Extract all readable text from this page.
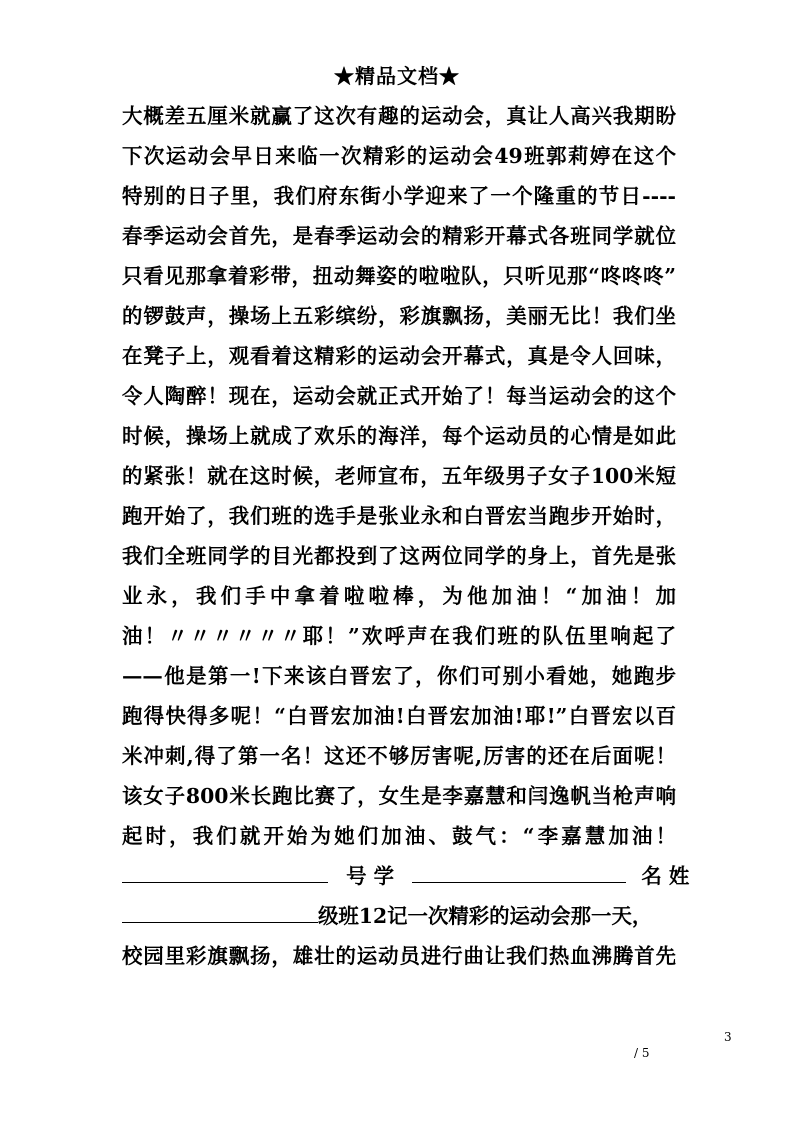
★精品文档★
大概差五厘米就赢了这次有趣的运动会，真让人高兴我期盼
下次运动会早日来临一次精彩的运动会49班郭莉婷在这个
特别的日子里，我们府东街小学迎来了一个隆重的节日----
春季运动会首先，是春季运动会的精彩开幕式各班同学就位
只看见那拿着彩带，扭动舞姿的啦啦队，只听见那“咚咚咚”
的锣鼓声，操场上五彩缤纷，彩旗飘扬，美丽无比！我们坐
在凳子上，观看着这精彩的运动会开幕式，真是令人回味，
令人陶醉！现在，运动会就正式开始了！每当运动会的这个
时候，操场上就成了欢乐的海洋，每个运动员的心情是如此
的紧张！就在这时候，老师宣布，五年级男子女子100米短
跑开始了，我们班的选手是张业永和白晋宏当跑步开始时，
我们全班同学的目光都投到了这两位同学的身上，首先是张
业永，我们手中拿着啦啦棒，为他加油！“加油！加
油！〃〃〃〃〃〃耶！”欢呼声在我们班的队伍里响起了
——他是第一!下来该白晋宏了，你们可别小看她，她跑步
跑得快得多呢！“白晋宏加油!白晋宏加油!耶!”白晋宏以百
米冲刺,得了第一名！这还不够厉害呢,厉害的还在后面呢！
该女子800米长跑比赛了，女生是李嘉慧和闫逸帆当枪声响
起时，我们就开始为她们加油、鼓气：“李嘉慧加油！
号 学	名 姓
级班12记一次精彩的运动会那一天，
校园里彩旗飘扬，雄壮的运动员进行曲让我们热血沸腾首先
3
/ 5
